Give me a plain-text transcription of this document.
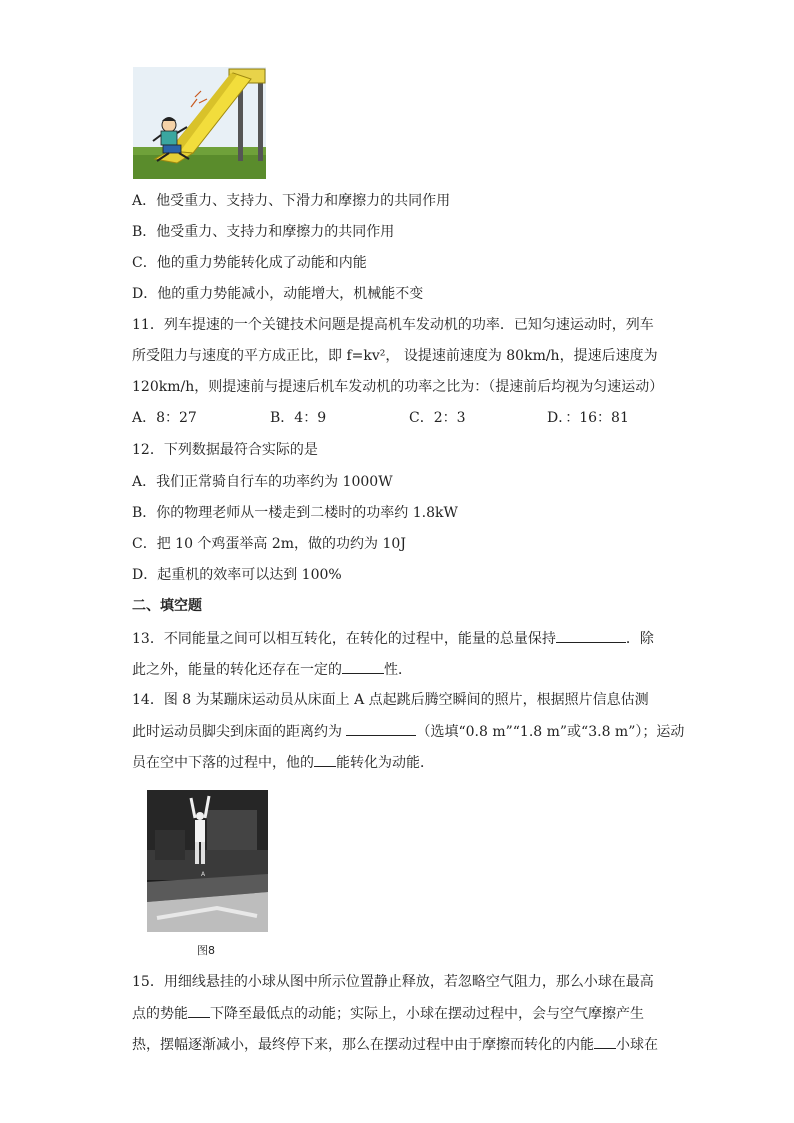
A．他受重力、支持力、下滑力和摩擦力的共同作用
B．他受重力、支持力和摩擦力的共同作用
C．他的重力势能转化成了动能和内能
D．他的重力势能减小，动能增大，机械能不变
11．列车提速的一个关键技术问题是提高机车发动机的功率．已知匀速运动时，列车
所受阻力与速度的平方成正比，即 f=kv²， 设提速前速度为 80km/h，提速后速度为
120km/h，则提速前与提速后机车发动机的功率之比为：（提速前后均视为匀速运动）
A．8：27	B．4：9	C．2：3	D．：16：81
12．下列数据最符合实际的是
A．我们正常骑自行车的功率约为 1000W
B．你的物理老师从一楼走到二楼时的功率约 1.8kW
C．把 10 个鸡蛋举高 2m，做的功约为 10J
D．起重机的效率可以达到 100%
二、填空题
13．不同能量之间可以相互转化，在转化的过程中，能量的总量保持	．除
此之外，能量的转化还存在一定的	性．
14．图 8 为某蹦床运动员从床面上 A 点起跳后腾空瞬间的照片，根据照片信息估测
此时运动员脚尖到床面的距离约为	（选填“0.8 m”“1.8 m”或“3.8 m”）；运动
员在空中下落的过程中，他的 能转化为动能．
A
图8
15．用细线悬挂的小球从图中所示位置静止释放，若忽略空气阻力，那么小球在最高
点的势能 下降至最低点的动能；实际上，小球在摆动过程中，会与空气摩擦产生
热，摆幅逐渐减小，最终停下来，那么在摆动过程中由于摩擦而转化的内能 小球在
